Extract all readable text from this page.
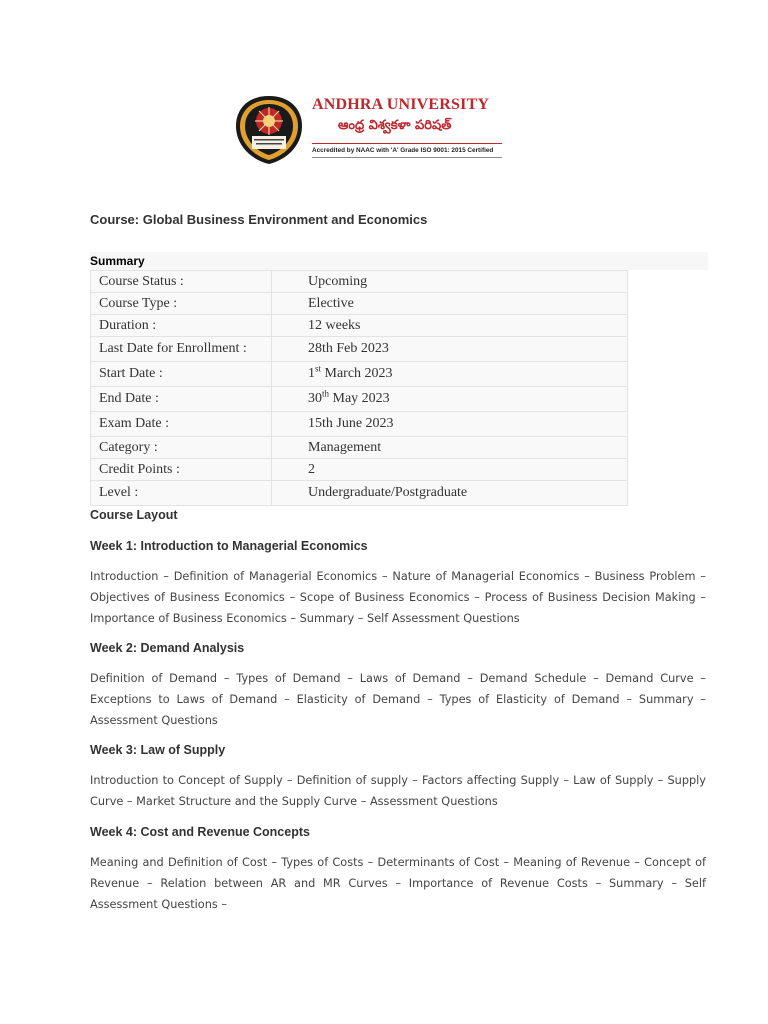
ANDHRA UNIVERSITY
ఆంధ్ర విశ్వకళా పరిషత్
Accredited by NAAC with 'A' Grade ISO 9001: 2015 Certified
Course: Global Business Environment and Economics
Summary
Course Status :	Upcoming
Course Type :	Elective
Duration :	12 weeks
Last Date for Enrollment :	28th Feb 2023
Start Date :	1st March 2023
End Date :	30th May 2023
Exam Date :	15th June 2023
Category :	Management
Credit Points :	2
Level :	Undergraduate/Postgraduate
Course Layout
Week 1: Introduction to Managerial Economics

Introduction – Definition of Managerial Economics – Nature of Managerial Economics – Business Problem – Objectives of Business Economics – Scope of Business Economics – Process of Business Decision Making – Importance of Business Economics – Summary – Self Assessment Questions

Week 2: Demand Analysis

Definition of Demand – Types of Demand – Laws of Demand – Demand Schedule – Demand Curve – Exceptions to Laws of Demand – Elasticity of Demand – Types of Elasticity of Demand – Summary – Assessment Questions

Week 3: Law of Supply

Introduction to Concept of Supply – Definition of supply – Factors affecting Supply – Law of Supply – Supply Curve – Market Structure and the Supply Curve – Assessment Questions

Week 4: Cost and Revenue Concepts

Meaning and Definition of Cost – Types of Costs – Determinants of Cost – Meaning of Revenue – Concept of Revenue – Relation between AR and MR Curves – Importance of Revenue Costs – Summary – Self Assessment Questions –
